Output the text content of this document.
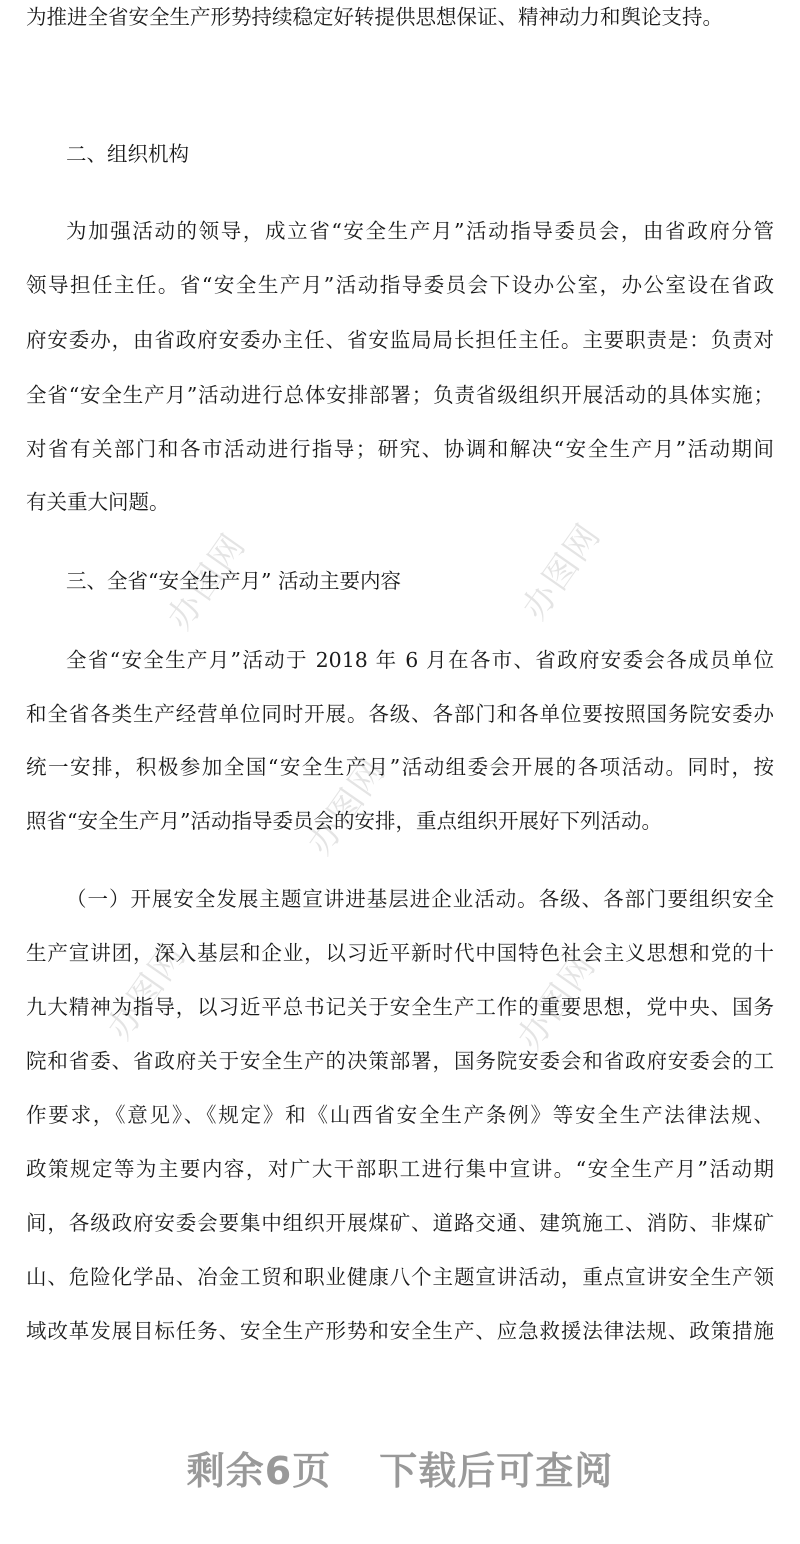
办图网	办图网
办图网
办图网	办图网
为推进全省安全生产形势持续稳定好转提供思想保证、精神动力和舆论支持。
二、组织机构
为加强活动的领导，成立省“安全生产月”活动指导委员会，由省政府分管
领导担任主任。省“安全生产月”活动指导委员会下设办公室，办公室设在省政
府安委办，由省政府安委办主任、省安监局局长担任主任。主要职责是：负责对
全省“安全生产月”活动进行总体安排部署；负责省级组织开展活动的具体实施；
对省有关部门和各市活动进行指导；研究、协调和解决“安全生产月”活动期间
有关重大问题。
三、全省“安全生产月” 活动主要内容
全省“安全生产月”活动于 2018 年 6 月在各市、省政府安委会各成员单位
和全省各类生产经营单位同时开展。各级、各部门和各单位要按照国务院安委办
统一安排，积极参加全国“安全生产月”活动组委会开展的各项活动。同时，按
照省“安全生产月”活动指导委员会的安排，重点组织开展好下列活动。
（一）开展安全发展主题宣讲进基层进企业活动。各级、各部门要组织安全
生产宣讲团，深入基层和企业，以习近平新时代中国特色社会主义思想和党的十
九大精神为指导，以习近平总书记关于安全生产工作的重要思想，党中央、国务
院和省委、省政府关于安全生产的决策部署，国务院安委会和省政府安委会的工
作要求，《意见》、《规定》和《山西省安全生产条例》等安全生产法律法规、
政策规定等为主要内容，对广大干部职工进行集中宣讲。“安全生产月”活动期
间，各级政府安委会要集中组织开展煤矿、道路交通、建筑施工、消防、非煤矿
山、危险化学品、冶金工贸和职业健康八个主题宣讲活动，重点宣讲安全生产领
域改革发展目标任务、安全生产形势和安全生产、应急救援法律法规、政策措施
剩余6页 下载后可查阅
